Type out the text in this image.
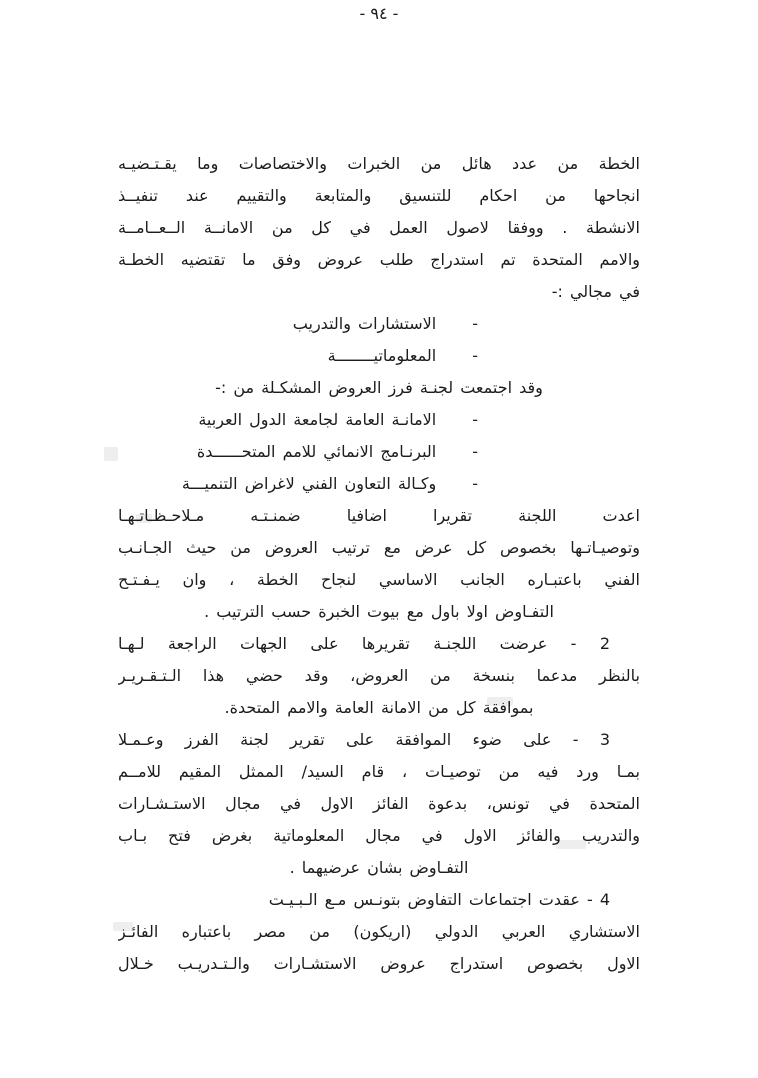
- ٩٤ -
الخطة من عدد هائل من الخبرات والاختصاصات وما يقـتـضيـه
انجاحها من احكام للتنسيق والمتابعة والتقييم عند تنفيــذ
الانشطة . ووفقا لاصول العمل في كل من الامانــة الــعــامــة
والامم المتحدة تم استدراج طلب عروض وفق ما تقتضيه الخطـة
في مجالي :-
-
الاستشارات والتدريب
-
المعلوماتيــــــــة
وقد اجتمعت لجنـة فرز العروض المشكـلة من :-
-
الامانـة العامة لجامعة الدول العربية
-
البرنـامج الانمائي للامم المتحــــــدة
-
وكـالة التعاون الفني لاغراض التنميـــة
اعدت اللجنة تقريرا اضافيا ضمنـتـه مـلاحـظـاتـهـا
وتوصيـاتـها بخصوص كل عرض مع ترتيب العروض من حيث الجـانـب
الفني باعتبـاره الجانب الاساسي لنجاح الخطة ، وان يـفـتـح
التفـاوض اولا باول مع بيوت الخبرة حسب الترتيب .
2 - عرضت اللجنـة تقريرها على الجهات الراجعة لـهـا
بالنظر مدعما بنسخة من العروض، وقد حضي هذا الـتـقـريـر
بموافقة كل من الامانة العامة والامم المتحدة.
3 - على ضوء الموافقة على تقرير لجنة الفرز وعـمـلا
بمـا ورد فيه من توصيـات ، قام السيد/ الممثل المقيم للامــم
المتحدة في تونس، بدعوة الفائز الاول في مجال الاستـشـارات
والتدريب والفائز الاول في مجال المعلوماتية بغرض فتح بـاب
التفـاوض بشان عرضيهما .
4 - عقدت اجتماعات التفاوض بتونـس مـع الـبـيـت
الاستشاري العربي الدولي (اريكون) من مصر باعتباره الفائـز
الاول بخصوص استدراج عروض الاستشـارات والـتـدريـب خـلال
